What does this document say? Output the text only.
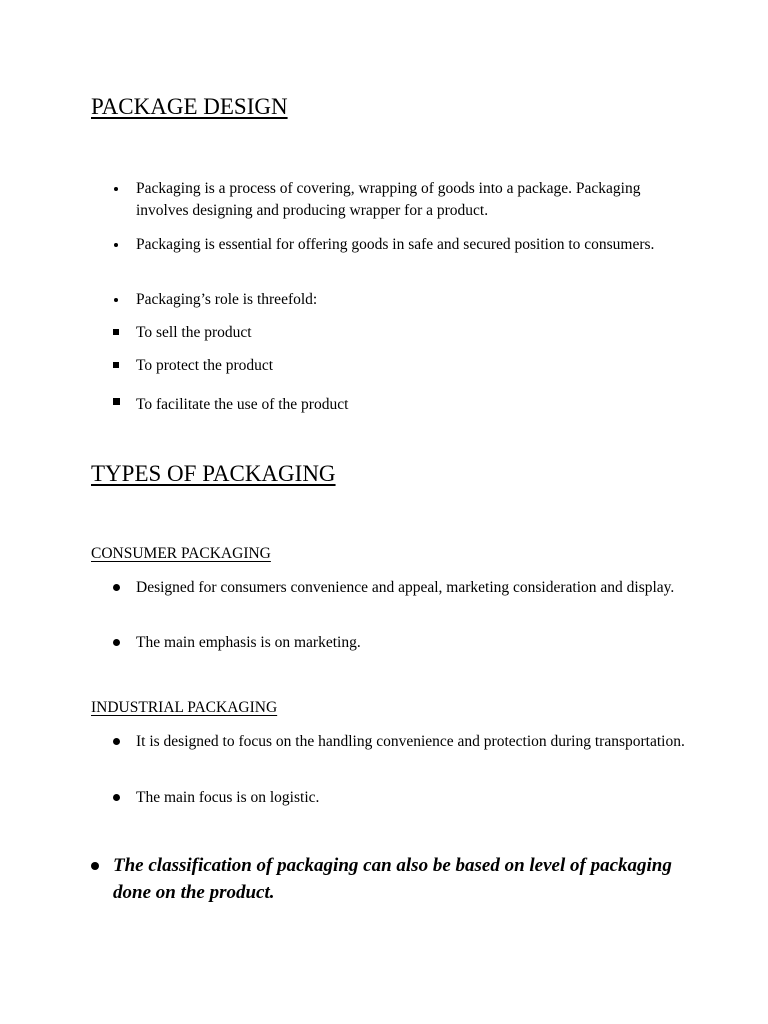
PACKAGE DESIGN
Packaging is a process of covering, wrapping of goods into a package. Packaging involves designing and producing wrapper for a product.
Packaging is essential for offering goods in safe and secured position to consumers.
Packaging’s role is threefold:
To sell the product
To protect the product
To facilitate the use of the product
TYPES OF PACKAGING
CONSUMER PACKAGING
Designed for consumers convenience and appeal, marketing consideration and display.
The main emphasis is on marketing.
INDUSTRIAL PACKAGING
It is designed to focus on the handling convenience and protection during transportation.
The main focus is on logistic.
The classification of packaging can also be based on level of packaging done on the product.
